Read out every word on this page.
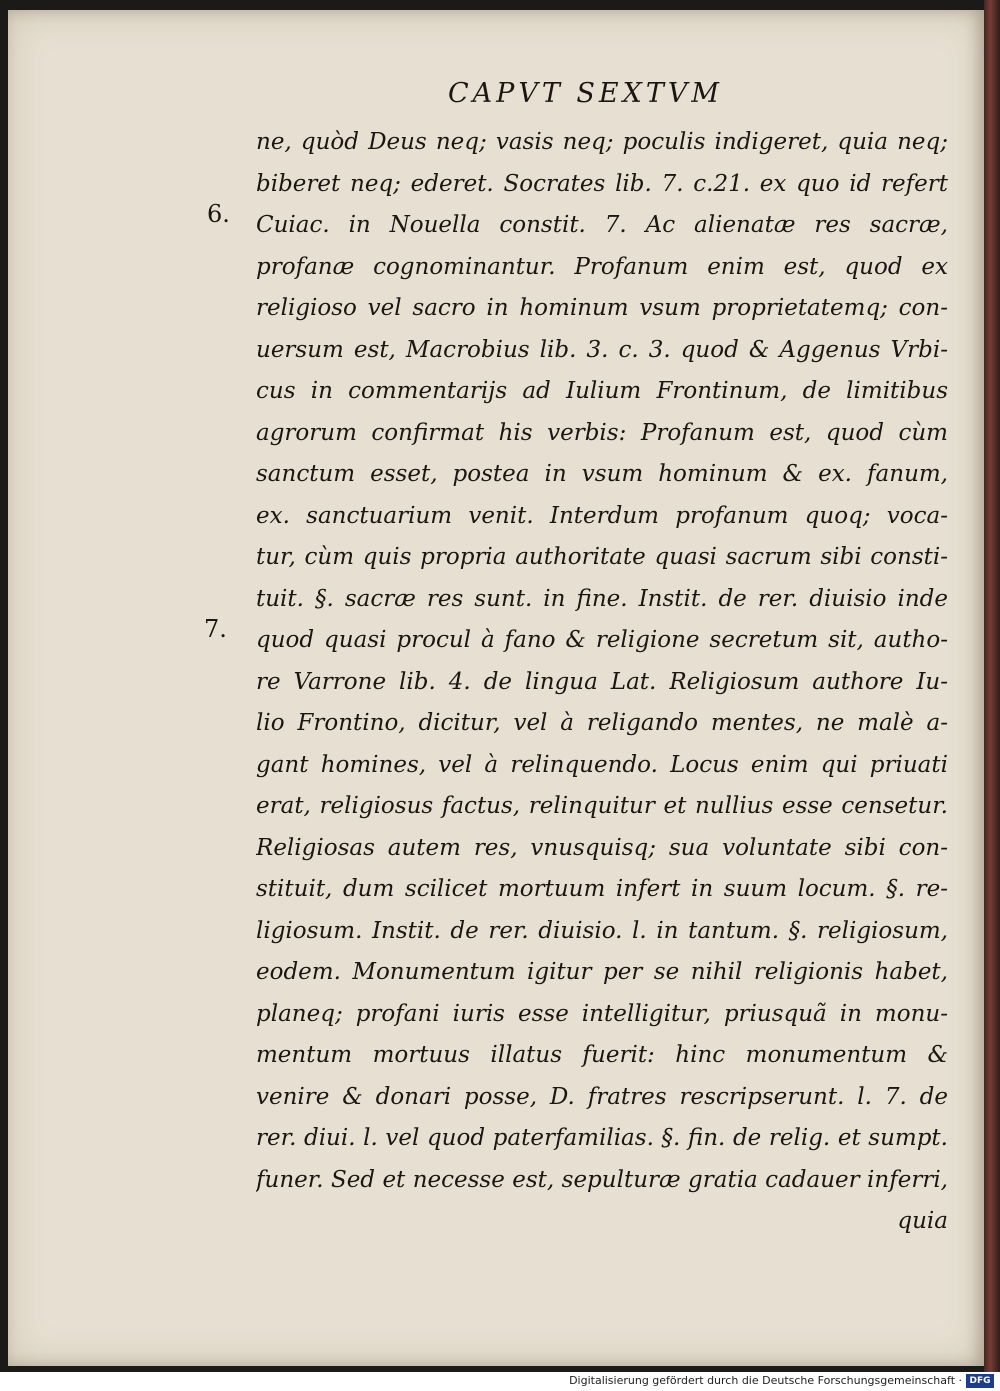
CAPVT SEXTVM
6.
7.
ne, quòd Deus neq; vasis neq; poculis indigeret, quia neq;
biberet neq; ederet. Socrates lib. 7. c.21. ex quo id refert
Cuiac. in Nouella constit. 7. Ac alienatæ res sacræ,
profanæ cognominantur. Profanum enim est, quod ex
religioso vel sacro in hominum vsum proprietatemq; con-
uersum est, Macrobius lib. 3. c. 3. quod & Aggenus Vrbi-
cus in commentarijs ad Iulium Frontinum, de limitibus
agrorum confirmat his verbis: Profanum est, quod cùm
sanctum esset, postea in vsum hominum & ex. fanum,
ex. sanctuarium venit. Interdum profanum quoq; voca-
tur, cùm quis propria authoritate quasi sacrum sibi consti-
tuit. §. sacræ res sunt. in fine. Instit. de rer. diuisio inde
quod quasi procul à fano & religione secretum sit, autho-
re Varrone lib. 4. de lingua Lat. Religiosum authore Iu-
lio Frontino, dicitur, vel à religando mentes, ne malè a-
gant homines, vel à relinquendo. Locus enim qui priuati
erat, religiosus factus, relinquitur et nullius esse censetur.
Religiosas autem res, vnusquisq; sua voluntate sibi con-
stituit, dum scilicet mortuum infert in suum locum. §. re-
ligiosum. Instit. de rer. diuisio. l. in tantum. §. religiosum,
eodem. Monumentum igitur per se nihil religionis habet,
planeq; profani iuris esse intelligitur, priusquã in monu-
mentum mortuus illatus fuerit: hinc monumentum &
venire & donari posse, D. fratres rescripserunt. l. 7. de
rer. diui. l. vel quod paterfamilias. §. fin. de relig. et sumpt.
funer. Sed et necesse est, sepulturæ gratia cadauer inferri,
quia
Digitalisierung gefördert durch die Deutsche Forschungsgemeinschaft · DFG
